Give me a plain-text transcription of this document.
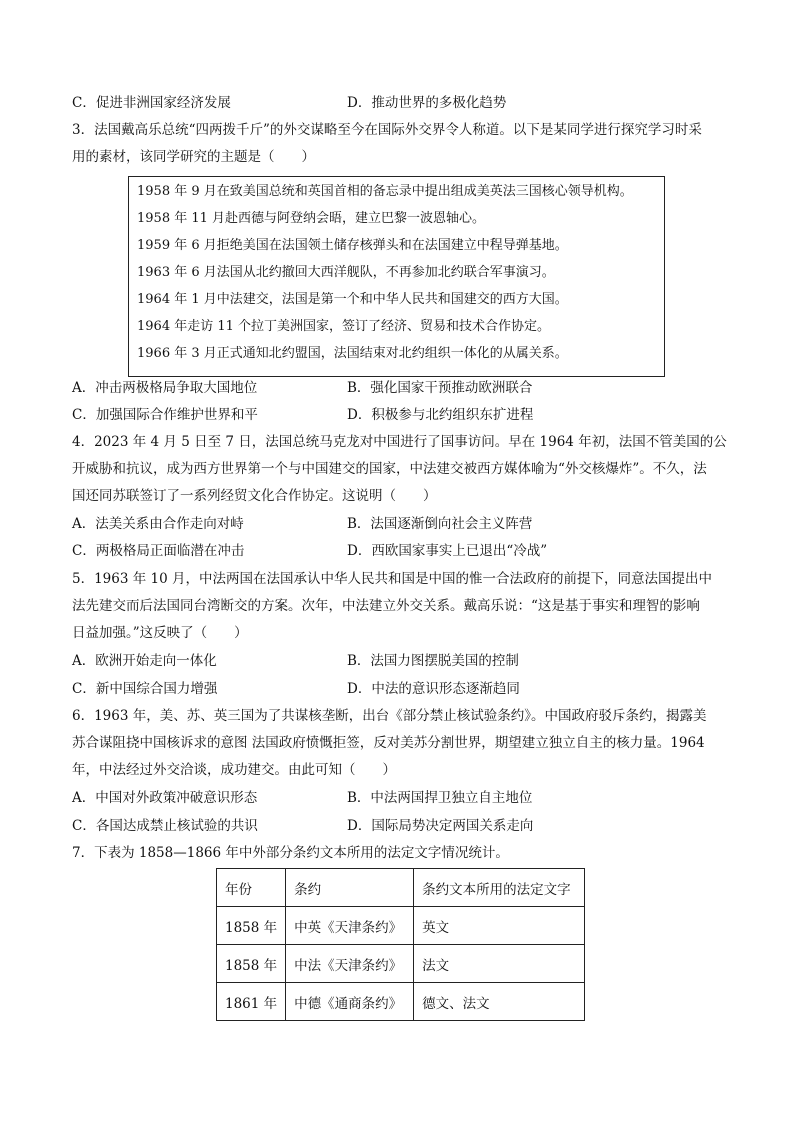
C．促进非洲国家经济发展	D．推动世界的多极化趋势
3．法国戴高乐总统“四两拨千斤”的外交谋略至今在国际外交界令人称道。以下是某同学进行探究学习时采
用的素材，该同学研究的主题是（　　）
1958 年 9 月在致美国总统和英国首相的备忘录中提出组成美英法三国核心领导机构。
1958 年 11 月赴西德与阿登纳会晤，建立巴黎一波恩轴心。
1959 年 6 月拒绝美国在法国领土储存核弹头和在法国建立中程导弹基地。
1963 年 6 月法国从北约撤回大西洋舰队，不再参加北约联合军事演习。
1964 年 1 月中法建交，法国是第一个和中华人民共和国建交的西方大国。
1964 年走访 11 个拉丁美洲国家，签订了经济、贸易和技术合作协定。
1966 年 3 月正式通知北约盟国，法国结束对北约组织一体化的从属关系。
A．冲击两极格局争取大国地位	B．强化国家干预推动欧洲联合
C．加强国际合作维护世界和平	D．积极参与北约组织东扩进程
4．2023 年 4 月 5 日至 7 日，法国总统马克龙对中国进行了国事访问。早在 1964 年初，法国不管美国的公
开威胁和抗议，成为西方世界第一个与中国建交的国家，中法建交被西方媒体喻为“外交核爆炸”。不久，法
国还同苏联签订了一系列经贸文化合作协定。这说明（　　）
A．法美关系由合作走向对峙	B．法国逐渐倒向社会主义阵营
C．两极格局正面临潜在冲击	D．西欧国家事实上已退出“冷战”
5．1963 年 10 月，中法两国在法国承认中华人民共和国是中国的惟一合法政府的前提下，同意法国提出中
法先建交而后法国同台湾断交的方案。次年，中法建立外交关系。戴高乐说：“这是基于事实和理智的影响
日益加强。”这反映了（　　）
A．欧洲开始走向一体化	B．法国力图摆脱美国的控制
C．新中国综合国力增强	D．中法的意识形态逐渐趋同
6．1963 年，美、苏、英三国为了共谋核垄断，出台《部分禁止核试验条约》。中国政府驳斥条约，揭露美
苏合谋阻挠中国核诉求的意图 法国政府愤慨拒签，反对美苏分割世界，期望建立独立自主的核力量。1964
年，中法经过外交洽谈，成功建交。由此可知（　　）
A．中国对外政策冲破意识形态	B．中法两国捍卫独立自主地位
C．各国达成禁止核试验的共识	D．国际局势决定两国关系走向
7．下表为 1858—1866 年中外部分条约文本所用的法定文字情况统计。
年份	条约	条约文本所用的法定文字
1858 年	中英《天津条约》	英文
1858 年	中法《天津条约》	法文
1861 年	中德《通商条约》	德文、法文
